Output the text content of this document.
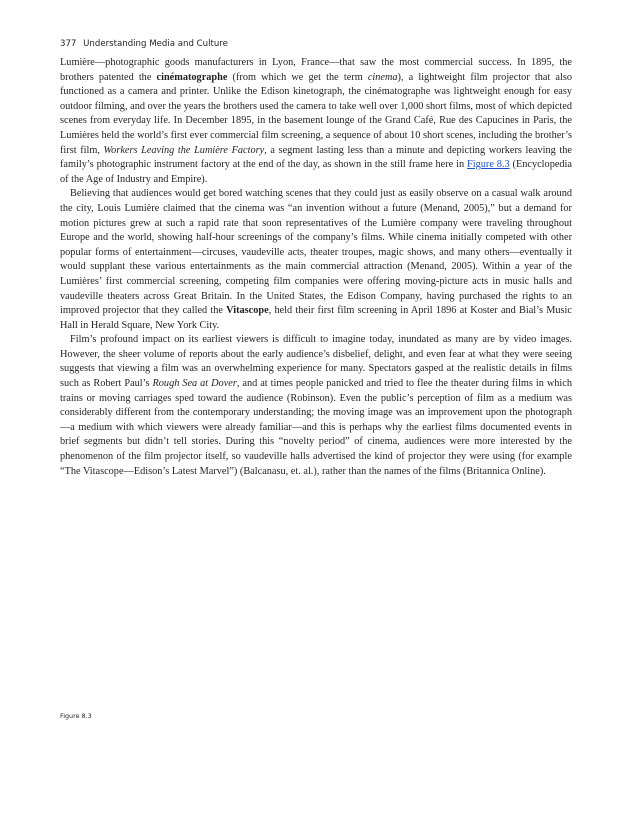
377 Understanding Media and Culture

Lumière—photographic goods manufacturers in Lyon, France—that saw the most commercial success. In 1895, the brothers patented the cinématographe (from which we get the term cinema), a lightweight film projector that also functioned as a camera and printer. Unlike the Edison kinetograph, the cinématographe was lightweight enough for easy outdoor filming, and over the years the brothers used the camera to take well over 1,000 short films, most of which depicted scenes from everyday life. In December 1895, in the basement lounge of the Grand Café, Rue des Capucines in Paris, the Lumières held the world’s first ever commercial film screening, a sequence of about 10 short scenes, including the brother’s first film, Workers Leaving the Lumière Factory, a segment lasting less than a minute and depicting workers leaving the family’s photographic instrument factory at the end of the day, as shown in the still frame here in Figure 8.3 (Encyclopedia of the Age of Industry and Empire).

Believing that audiences would get bored watching scenes that they could just as easily observe on a casual walk around the city, Louis Lumière claimed that the cinema was “an invention without a future (Menand, 2005),” but a demand for motion pictures grew at such a rapid rate that soon representatives of the Lumière company were traveling throughout Europe and the world, showing half-hour screenings of the company’s films. While cinema initially competed with other popular forms of entertainment—circuses, vaudeville acts, theater troupes, magic shows, and many others—eventually it would supplant these various entertainments as the main commercial attraction (Menand, 2005). Within a year of the Lumières’ first commercial screening, competing film companies were offering moving-picture acts in music halls and vaudeville theaters across Great Britain. In the United States, the Edison Company, having purchased the rights to an improved projector that they called the Vitascope, held their first film screening in April 1896 at Koster and Bial’s Music Hall in Herald Square, New York City.

Film’s profound impact on its earliest viewers is difficult to imagine today, inundated as many are by video images. However, the sheer volume of reports about the early audience’s disbelief, delight, and even fear at what they were seeing suggests that viewing a film was an overwhelming experience for many. Spectators gasped at the realistic details in films such as Robert Paul’s Rough Sea at Dover, and at times people panicked and tried to flee the theater during films in which trains or moving carriages sped toward the audience (Robinson). Even the public’s perception of film as a medium was considerably different from the contemporary understanding; the moving image was an improvement upon the photograph—a medium with which viewers were already familiar—and this is perhaps why the earliest films documented events in brief segments but didn’t tell stories. During this “novelty period” of cinema, audiences were more interested by the phenomenon of the film projector itself, so vaudeville halls advertised the kind of projector they were using (for example “The Vitascope—Edison’s Latest Marvel”) (Balcanasu, et. al.), rather than the names of the films (Britannica Online).

Figure 8.3
